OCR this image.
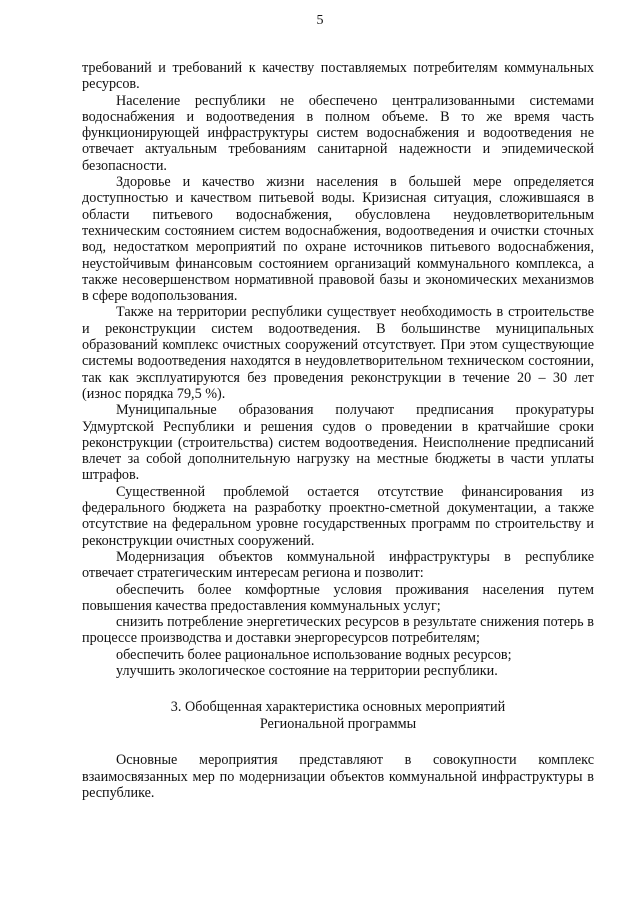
5

требований и требований к качеству поставляемых потребителям коммунальных ресурсов.

Население республики не обеспечено централизованными системами водоснабжения и водоотведения в полном объеме. В то же время часть функционирующей инфраструктуры систем водоснабжения и водоотведения не отвечает актуальным требованиям санитарной надежности и эпидемической безопасности.

Здоровье и качество жизни населения в большей мере определяется доступностью и качеством питьевой воды. Кризисная ситуация, сложившаяся в области питьевого водоснабжения, обусловлена неудовлетворительным техническим состоянием систем водоснабжения, водоотведения и очистки сточных вод, недостатком мероприятий по охране источников питьевого водоснабжения, неустойчивым финансовым состоянием организаций коммунального комплекса, а также несовершенством нормативной правовой базы и экономических механизмов в сфере водопользования.

Также на территории республики существует необходимость в строительстве и реконструкции систем водоотведения. В большинстве муниципальных образований комплекс очистных сооружений отсутствует. При этом существующие системы водоотведения находятся в неудовлетворительном техническом состоянии, так как эксплуатируются без проведения реконструкции в течение 20 – 30 лет (износ порядка 79,5 %).

Муниципальные образования получают предписания прокуратуры Удмуртской Республики и решения судов о проведении в кратчайшие сроки реконструкции (строительства) систем водоотведения. Неисполнение предписаний влечет за собой дополнительную нагрузку на местные бюджеты в части уплаты штрафов.

Существенной проблемой остается отсутствие финансирования из федерального бюджета на разработку проектно-сметной документации, а также отсутствие на федеральном уровне государственных программ по строительству и реконструкции очистных сооружений.

Модернизация объектов коммунальной инфраструктуры в республике отвечает стратегическим интересам региона и позволит:

обеспечить более комфортные условия проживания населения путем повышения качества предоставления коммунальных услуг;

снизить потребление энергетических ресурсов в результате снижения потерь в процессе производства и доставки энергоресурсов потребителям;

обеспечить более рациональное использование водных ресурсов;

улучшить экологическое состояние на территории республики.

3. Обобщенная характеристика основных мероприятий
Региональной программы

Основные мероприятия представляют в совокупности комплекс взаимосвязанных мер по модернизации объектов коммунальной инфраструктуры в республике.
